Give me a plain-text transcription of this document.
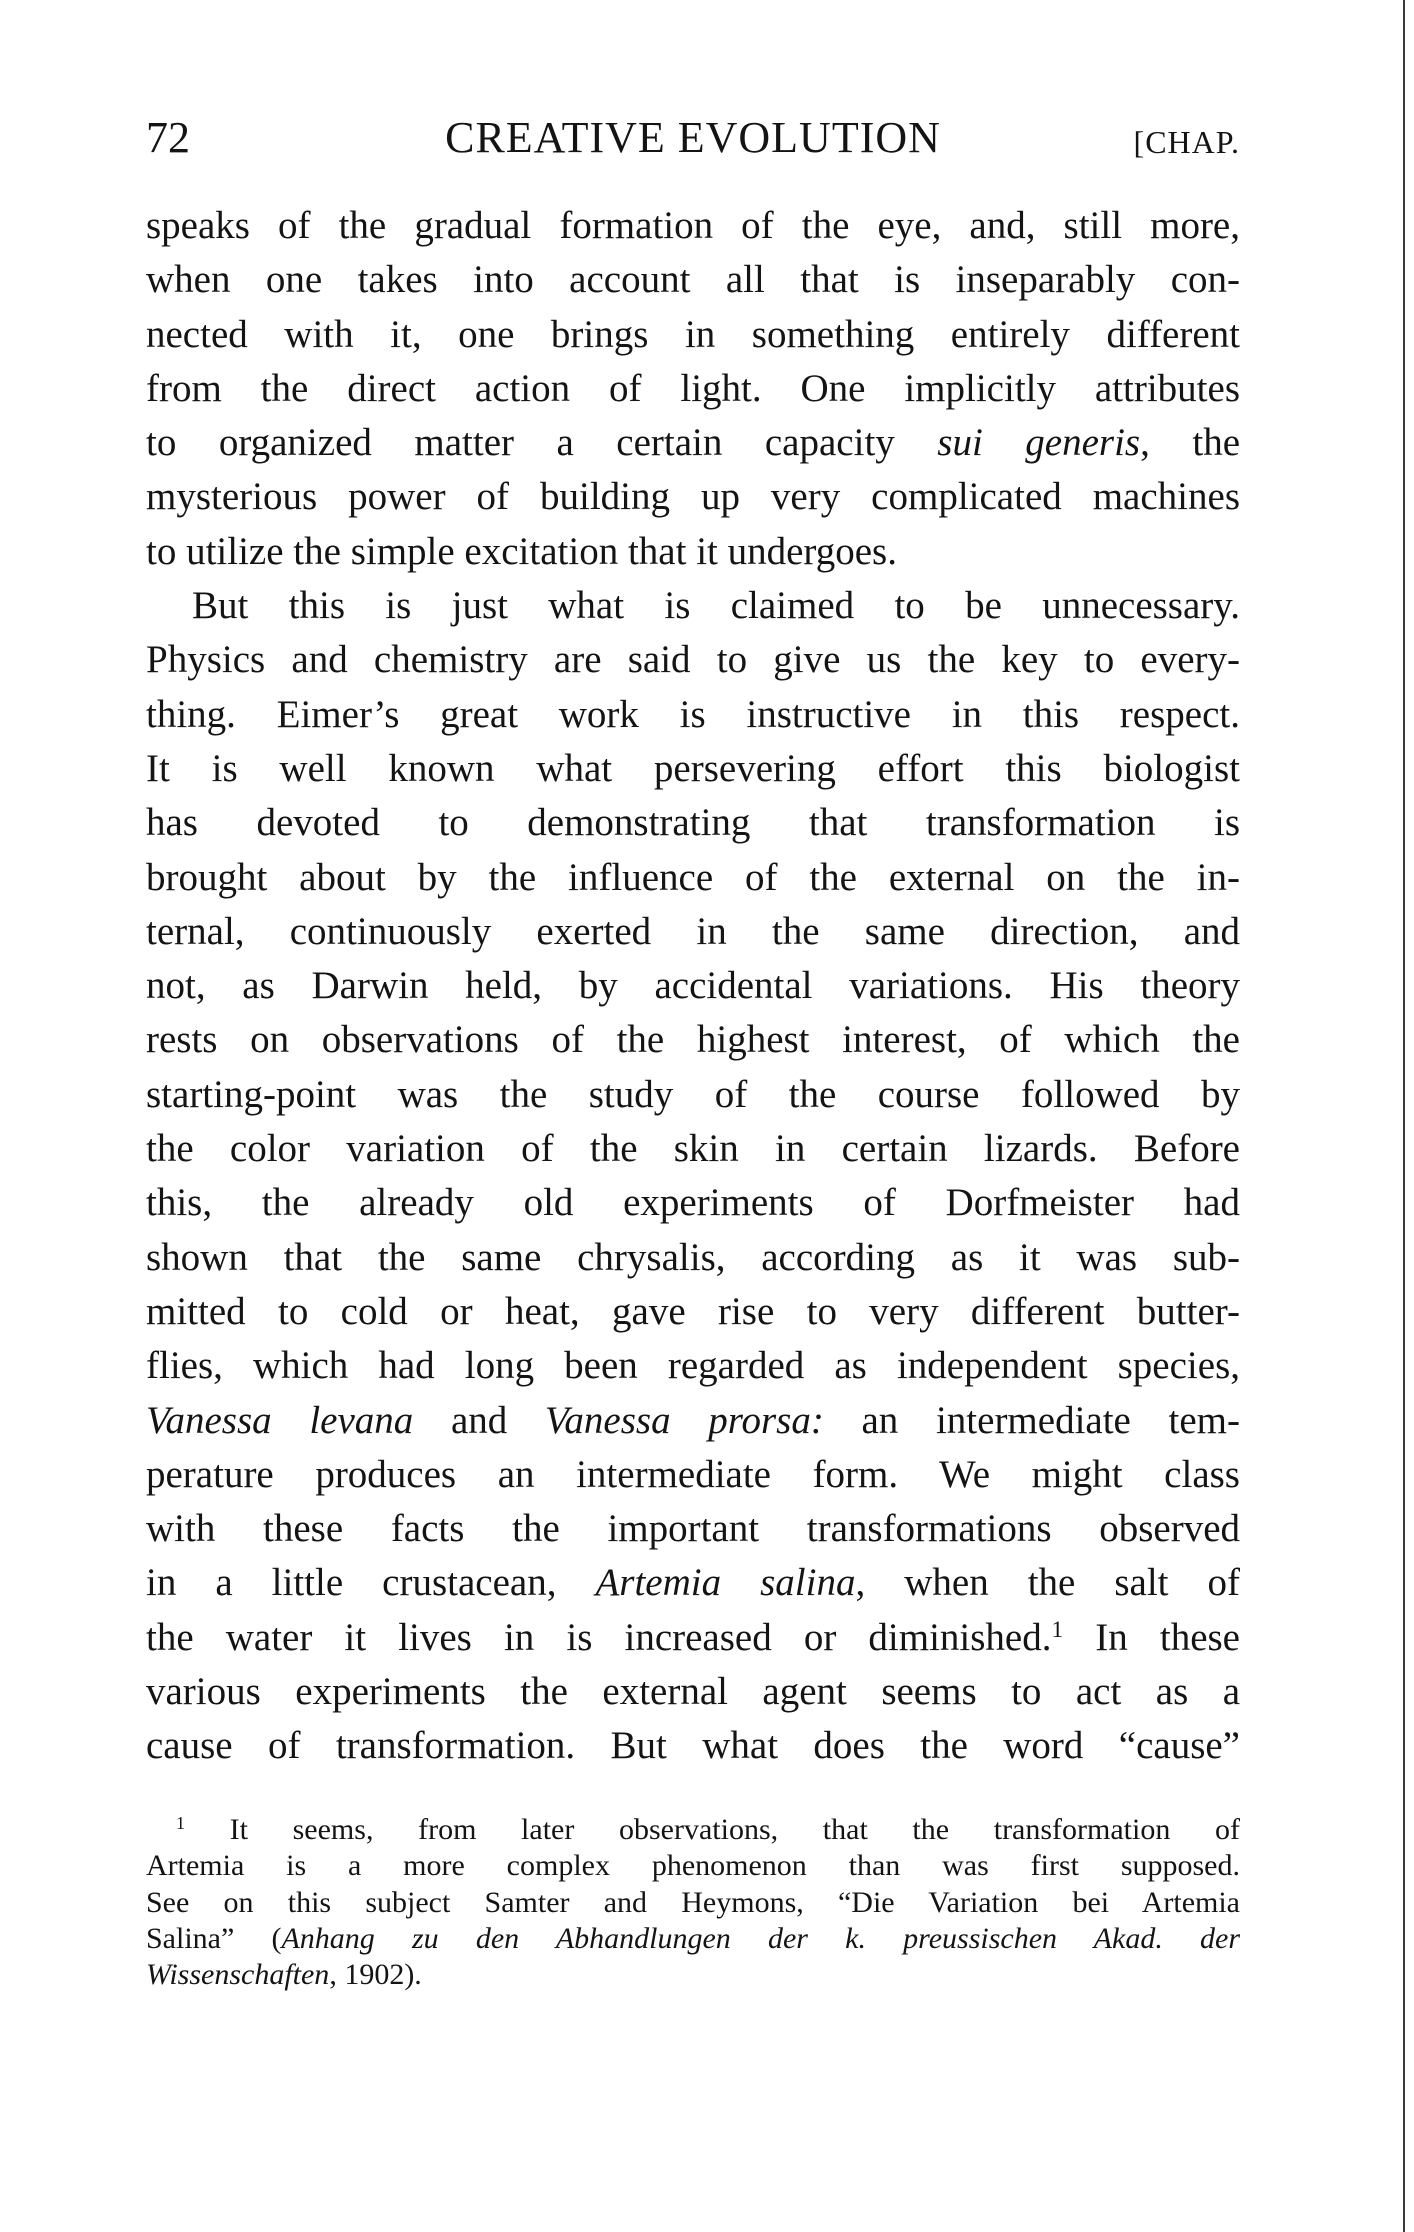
72	CREATIVE EVOLUTION	[CHAP.
speaks of the gradual formation of the eye, and, still more,
when one takes into account all that is inseparably con-
nected with it, one brings in something entirely different
from the direct action of light. One implicitly attributes
to organized matter a certain capacity sui generis, the
mysterious power of building up very complicated machines
to utilize the simple excitation that it undergoes.
But this is just what is claimed to be unnecessary.
Physics and chemistry are said to give us the key to every-
thing. Eimer’s great work is instructive in this respect.
It is well known what persevering effort this biologist
has devoted to demonstrating that transformation is
brought about by the influence of the external on the in-
ternal, continuously exerted in the same direction, and
not, as Darwin held, by accidental variations. His theory
rests on observations of the highest interest, of which the
starting-point was the study of the course followed by
the color variation of the skin in certain lizards. Before
this, the already old experiments of Dorfmeister had
shown that the same chrysalis, according as it was sub-
mitted to cold or heat, gave rise to very different butter-
flies, which had long been regarded as independent species,
Vanessa levana and Vanessa prorsa: an intermediate tem-
perature produces an intermediate form. We might class
with these facts the important transformations observed
in a little crustacean, Artemia salina, when the salt of
the water it lives in is increased or diminished.$^1$ In these
various experiments the external agent seems to act as a
cause of transformation. But what does the word “cause”
$^1$ It seems, from later observations, that the transformation of
Artemia is a more complex phenomenon than was first supposed.
See on this subject Samter and Heymons, “Die Variation bei Artemia
Salina” (Anhang zu den Abhandlungen der k. preussischen Akad. der
Wissenschaften, 1902).
